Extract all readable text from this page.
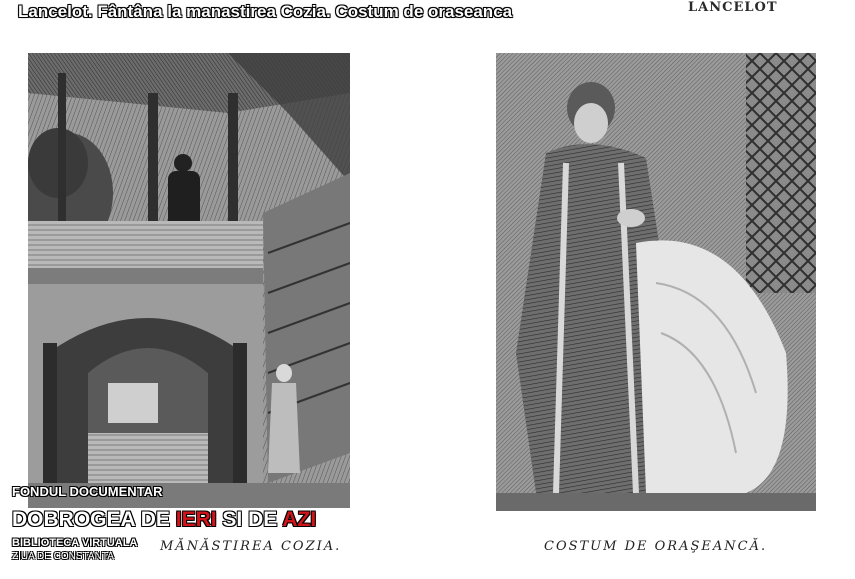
Lancelot. Fântâna la manastirea Cozia. Costum de oraseanca	LANCELOT
MĂNĂSTIREA COZIA.	COSTUM DE ORAŞEANCĂ.
FONDUL DOCUMENTAR
DOBROGEA DE IERI SI DE AZI
BIBLIOTECA VIRTUALA
ZIUA DE CONSTANTA
